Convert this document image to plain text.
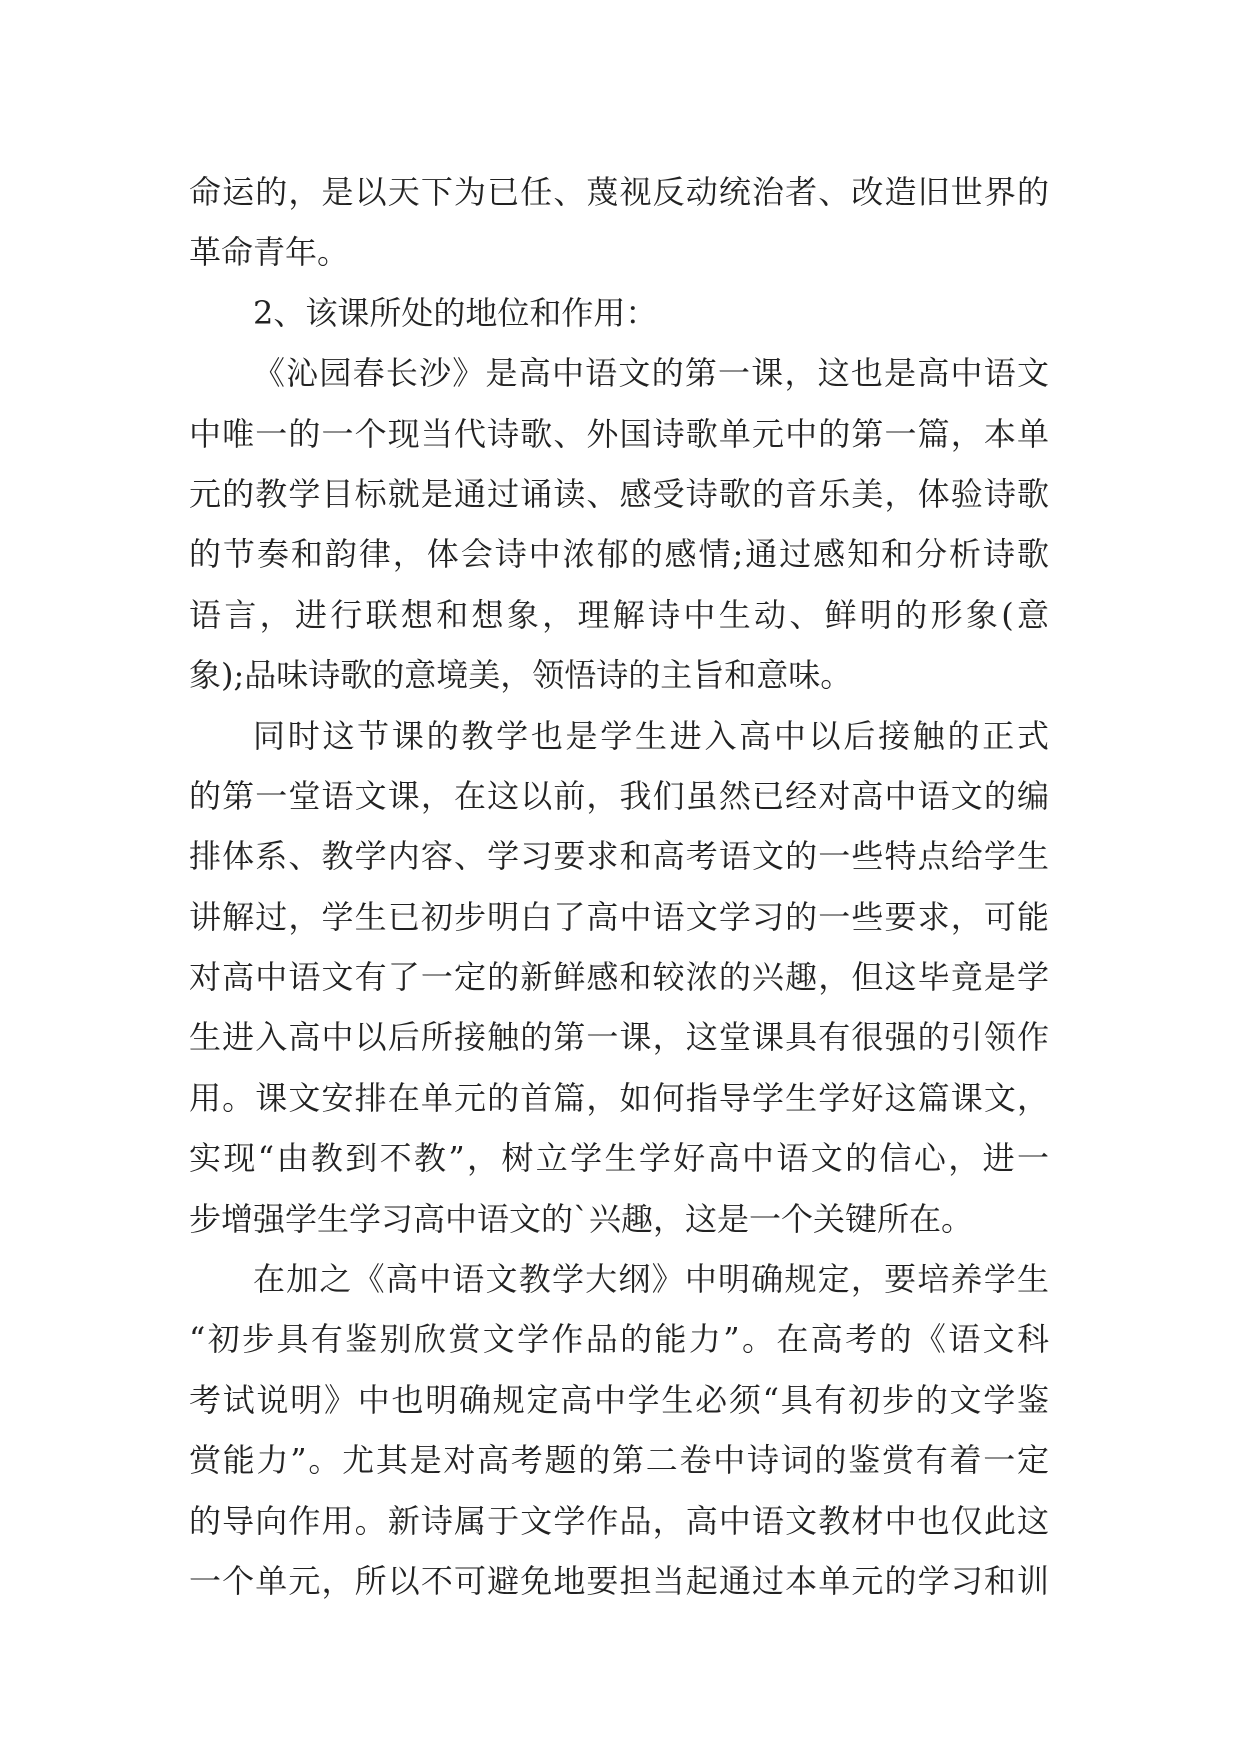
命运的，是以天下为已任、蔑视反动统治者、改造旧世界的
革命青年。
2、该课所处的地位和作用：
《沁园春长沙》是高中语文的第一课，这也是高中语文
中唯一的一个现当代诗歌、外国诗歌单元中的第一篇，本单
元的教学目标就是通过诵读、感受诗歌的音乐美，体验诗歌
的节奏和韵律，体会诗中浓郁的感情;通过感知和分析诗歌
语言，进行联想和想象，理解诗中生动、鲜明的形象(意
象);品味诗歌的意境美，领悟诗的主旨和意味。
同时这节课的教学也是学生进入高中以后接触的正式
的第一堂语文课，在这以前，我们虽然已经对高中语文的编
排体系、教学内容、学习要求和高考语文的一些特点给学生
讲解过，学生已初步明白了高中语文学习的一些要求，可能
对高中语文有了一定的新鲜感和较浓的兴趣，但这毕竟是学
生进入高中以后所接触的第一课，这堂课具有很强的引领作
用。课文安排在单元的首篇，如何指导学生学好这篇课文，
实现“由教到不教”，树立学生学好高中语文的信心，进一
步增强学生学习高中语文的`兴趣，这是一个关键所在。
在加之《高中语文教学大纲》中明确规定，要培养学生
“初步具有鉴别欣赏文学作品的能力”。在高考的《语文科
考试说明》中也明确规定高中学生必须“具有初步的文学鉴
赏能力”。尤其是对高考题的第二卷中诗词的鉴赏有着一定
的导向作用。新诗属于文学作品，高中语文教材中也仅此这
一个单元，所以不可避免地要担当起通过本单元的学习和训
